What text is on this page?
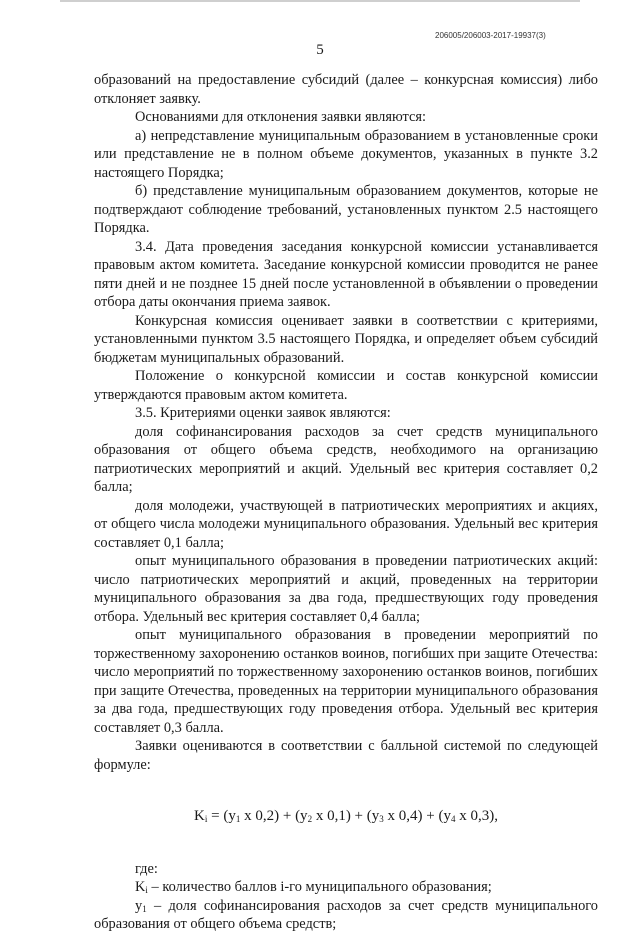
206005/206003-2017-19937(3)
5

образований на предоставление субсидий (далее – конкурсная комиссия) либо отклоняет заявку.

Основаниями для отклонения заявки являются:

а) непредставление муниципальным образованием в установленные сроки или представление не в полном объеме документов, указанных в пункте 3.2 настоящего Порядка;

б) представление муниципальным образованием документов, которые не подтверждают соблюдение требований, установленных пунктом 2.5 настоящего Порядка.

3.4. Дата проведения заседания конкурсной комиссии устанавливается правовым актом комитета. Заседание конкурсной комиссии проводится не ранее пяти дней и не позднее 15 дней после установленной в объявлении о проведении отбора даты окончания приема заявок.

Конкурсная комиссия оценивает заявки в соответствии с критериями, установленными пунктом 3.5 настоящего Порядка, и определяет объем субсидий бюджетам муниципальных образований.

Положение о конкурсной комиссии и состав конкурсной комиссии утверждаются правовым актом комитета.

3.5. Критериями оценки заявок являются:

доля софинансирования расходов за счет средств муниципального образования от общего объема средств, необходимого на организацию патриотических мероприятий и акций. Удельный вес критерия составляет 0,2 балла;

доля молодежи, участвующей в патриотических мероприятиях и акциях, от общего числа молодежи муниципального образования. Удельный вес критерия составляет 0,1 балла;

опыт муниципального образования в проведении патриотических акций: число патриотических мероприятий и акций, проведенных на территории муниципального образования за два года, предшествующих году проведения отбора. Удельный вес критерия составляет 0,4 балла;

опыт муниципального образования в проведении мероприятий по торжественному захоронению останков воинов, погибших при защите Отечества: число мероприятий по торжественному захоронению останков воинов, погибших при защите Отечества, проведенных на территории муниципального образования за два года, предшествующих году проведения отбора. Удельный вес критерия составляет 0,3 балла.

Заявки оцениваются в соответствии с балльной системой по следующей формуле:

$K_i = (y_1$ x $0,2) + (y_2$ x $0,1) + (y_3$ x $0,4) + (y_4$ x 0,3),

где:

$K_i$ – количество баллов i-го муниципального образования;

$y_1$ – доля софинансирования расходов за счет средств муниципального образования от общего объема средств;
